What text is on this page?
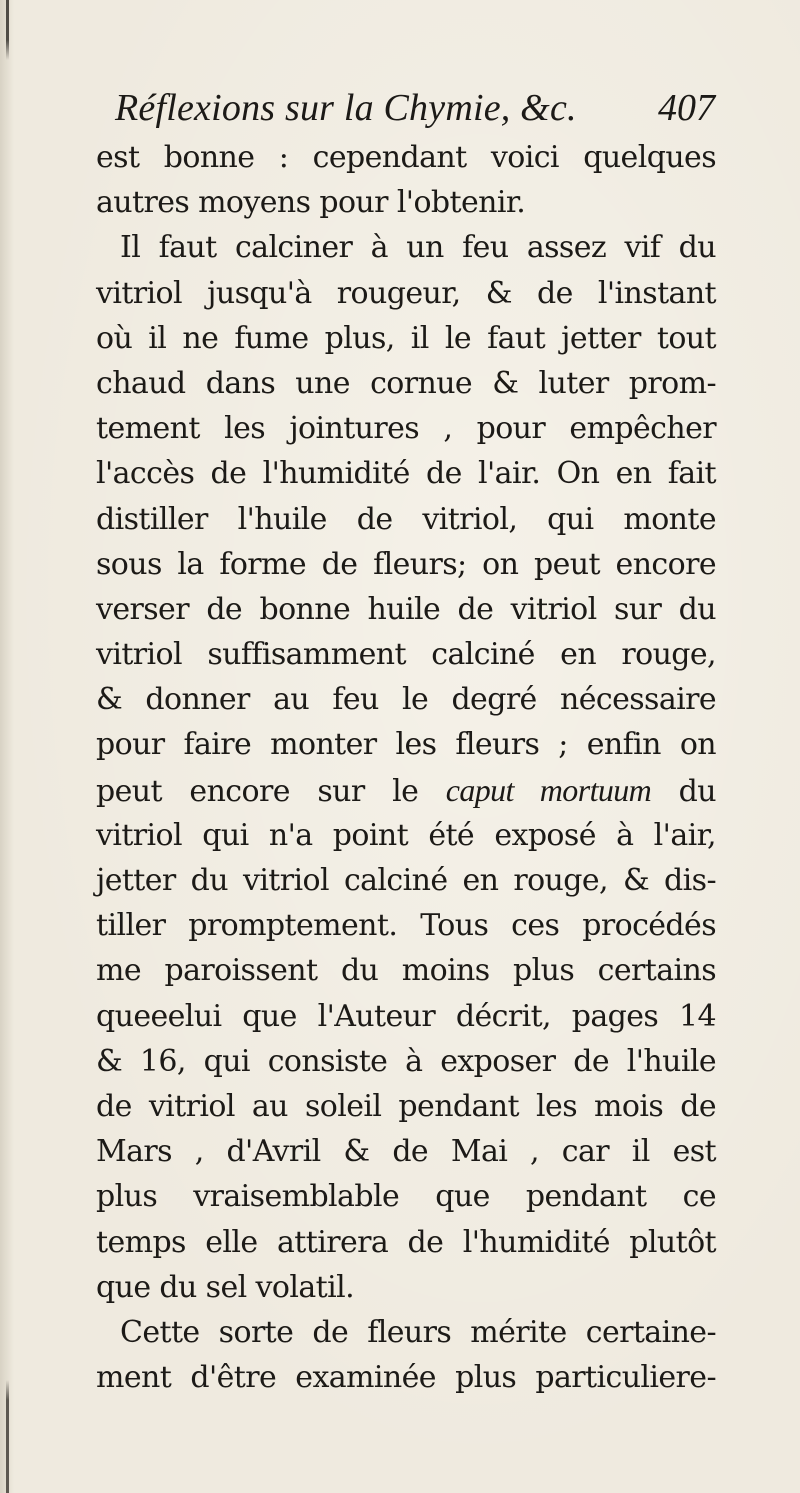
Réflexions sur la Chymie, &c. 407
est bonne : cependant voici quelques
autres moyens pour l'obtenir.
Il faut calciner à un feu assez vif du
vitriol jusqu'à rougeur, & de l'instant
où il ne fume plus, il le faut jetter tout
chaud dans une cornue & luter prom-
tement les jointures , pour empêcher
l'accès de l'humidité de l'air. On en fait
distiller l'huile de vitriol, qui monte
sous la forme de fleurs; on peut encore
verser de bonne huile de vitriol sur du
vitriol suffisamment calciné en rouge,
& donner au feu le degré nécessaire
pour faire monter les fleurs ; enfin on
peut encore sur le caput mortuum du
vitriol qui n'a point été exposé à l'air,
jetter du vitriol calciné en rouge, & dis-
tiller promptement. Tous ces procédés
me paroissent du moins plus certains
queeelui que l'Auteur décrit, pages 14
& 16, qui consiste à exposer de l'huile
de vitriol au soleil pendant les mois de
Mars , d'Avril & de Mai , car il est
plus vraisemblable que pendant ce
temps elle attirera de l'humidité plutôt
que du sel volatil.
Cette sorte de fleurs mérite certaine-
ment d'être examinée plus particuliere-
